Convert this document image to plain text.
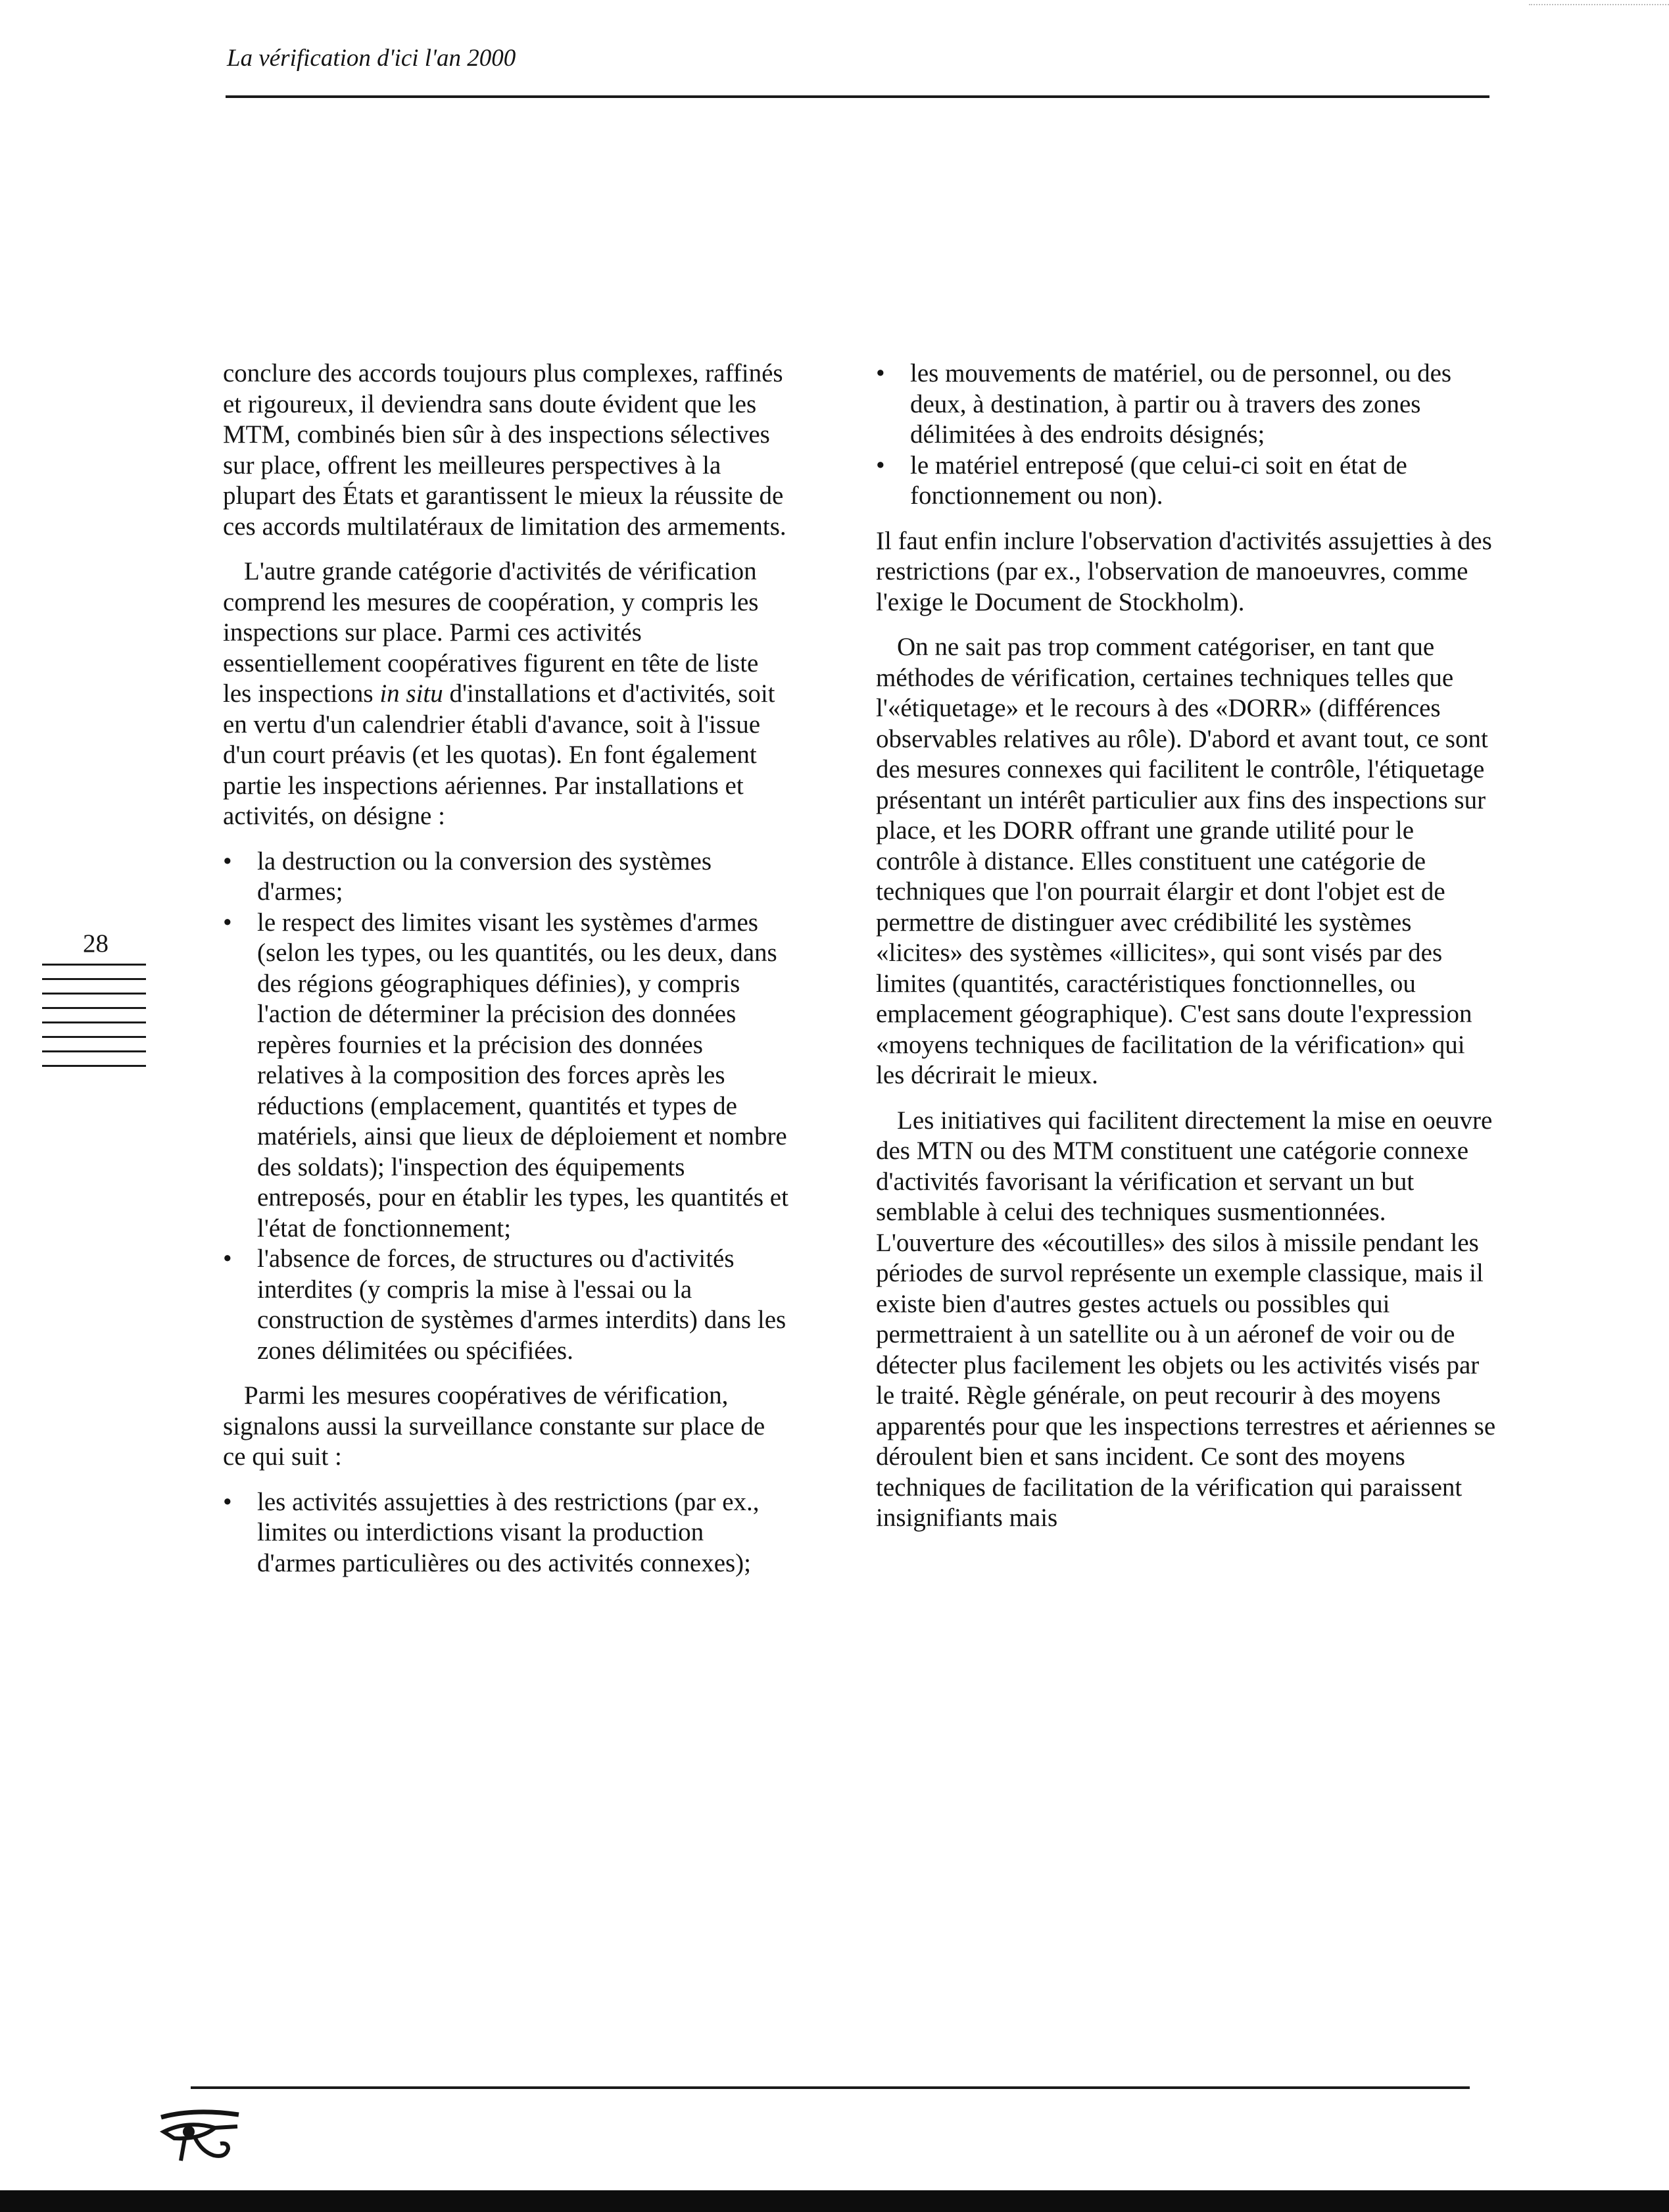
La vérification d'ici l'an 2000
28

conclure des accords toujours plus complexes, raffinés et rigoureux, il deviendra sans doute évident que les MTM, combinés bien sûr à des inspections sélectives sur place, offrent les meilleures perspectives à la plupart des États et garantissent le mieux la réussite de ces accords multilatéraux de limitation des armements.

L'autre grande catégorie d'activités de vérification comprend les mesures de coopération, y compris les inspections sur place. Parmi ces activités essentiellement coopératives figurent en tête de liste les inspections in situ d'installations et d'activités, soit en vertu d'un calendrier établi d'avance, soit à l'issue d'un court préavis (et les quotas). En font également partie les inspections aériennes. Par installations et activités, on désigne :

• la destruction ou la conversion des systèmes d'armes;
• le respect des limites visant les systèmes d'armes (selon les types, ou les quantités, ou les deux, dans des régions géographiques définies), y compris l'action de déterminer la précision des données repères fournies et la précision des données relatives à la composition des forces après les réductions (emplacement, quantités et types de matériels, ainsi que lieux de déploiement et nombre des soldats); l'inspection des équipements entreposés, pour en établir les types, les quantités et l'état de fonctionnement;
• l'absence de forces, de structures ou d'activités interdites (y compris la mise à l'essai ou la construction de systèmes d'armes interdits) dans les zones délimitées ou spécifiées.

Parmi les mesures coopératives de vérification, signalons aussi la surveillance constante sur place de ce qui suit :

• les activités assujetties à des restrictions (par ex., limites ou interdictions visant la production d'armes particulières ou des activités connexes);
• les mouvements de matériel, ou de personnel, ou des deux, à destination, à partir ou à travers des zones délimitées à des endroits désignés;
• le matériel entreposé (que celui-ci soit en état de fonctionnement ou non).

Il faut enfin inclure l'observation d'activités assujetties à des restrictions (par ex., l'observation de manoeuvres, comme l'exige le Document de Stockholm).

On ne sait pas trop comment catégoriser, en tant que méthodes de vérification, certaines techniques telles que l'«étiquetage» et le recours à des «DORR» (différences observables relatives au rôle). D'abord et avant tout, ce sont des mesures connexes qui facilitent le contrôle, l'étiquetage présentant un intérêt particulier aux fins des inspections sur place, et les DORR offrant une grande utilité pour le contrôle à distance. Elles constituent une catégorie de techniques que l'on pourrait élargir et dont l'objet est de permettre de distinguer avec crédibilité les systèmes «licites» des systèmes «illicites», qui sont visés par des limites (quantités, caractéristiques fonctionnelles, ou emplacement géographique). C'est sans doute l'expression «moyens techniques de facilitation de la vérification» qui les décrirait le mieux.

Les initiatives qui facilitent directement la mise en oeuvre des MTN ou des MTM constituent une catégorie connexe d'activités favorisant la vérification et servant un but semblable à celui des techniques susmentionnées. L'ouverture des «écoutilles» des silos à missile pendant les périodes de survol représente un exemple classique, mais il existe bien d'autres gestes actuels ou possibles qui permettraient à un satellite ou à un aéronef de voir ou de détecter plus facilement les objets ou les activités visés par le traité. Règle générale, on peut recourir à des moyens apparentés pour que les inspections terrestres et aériennes se déroulent bien et sans incident. Ce sont des moyens techniques de facilitation de la vérification qui paraissent insignifiants mais
